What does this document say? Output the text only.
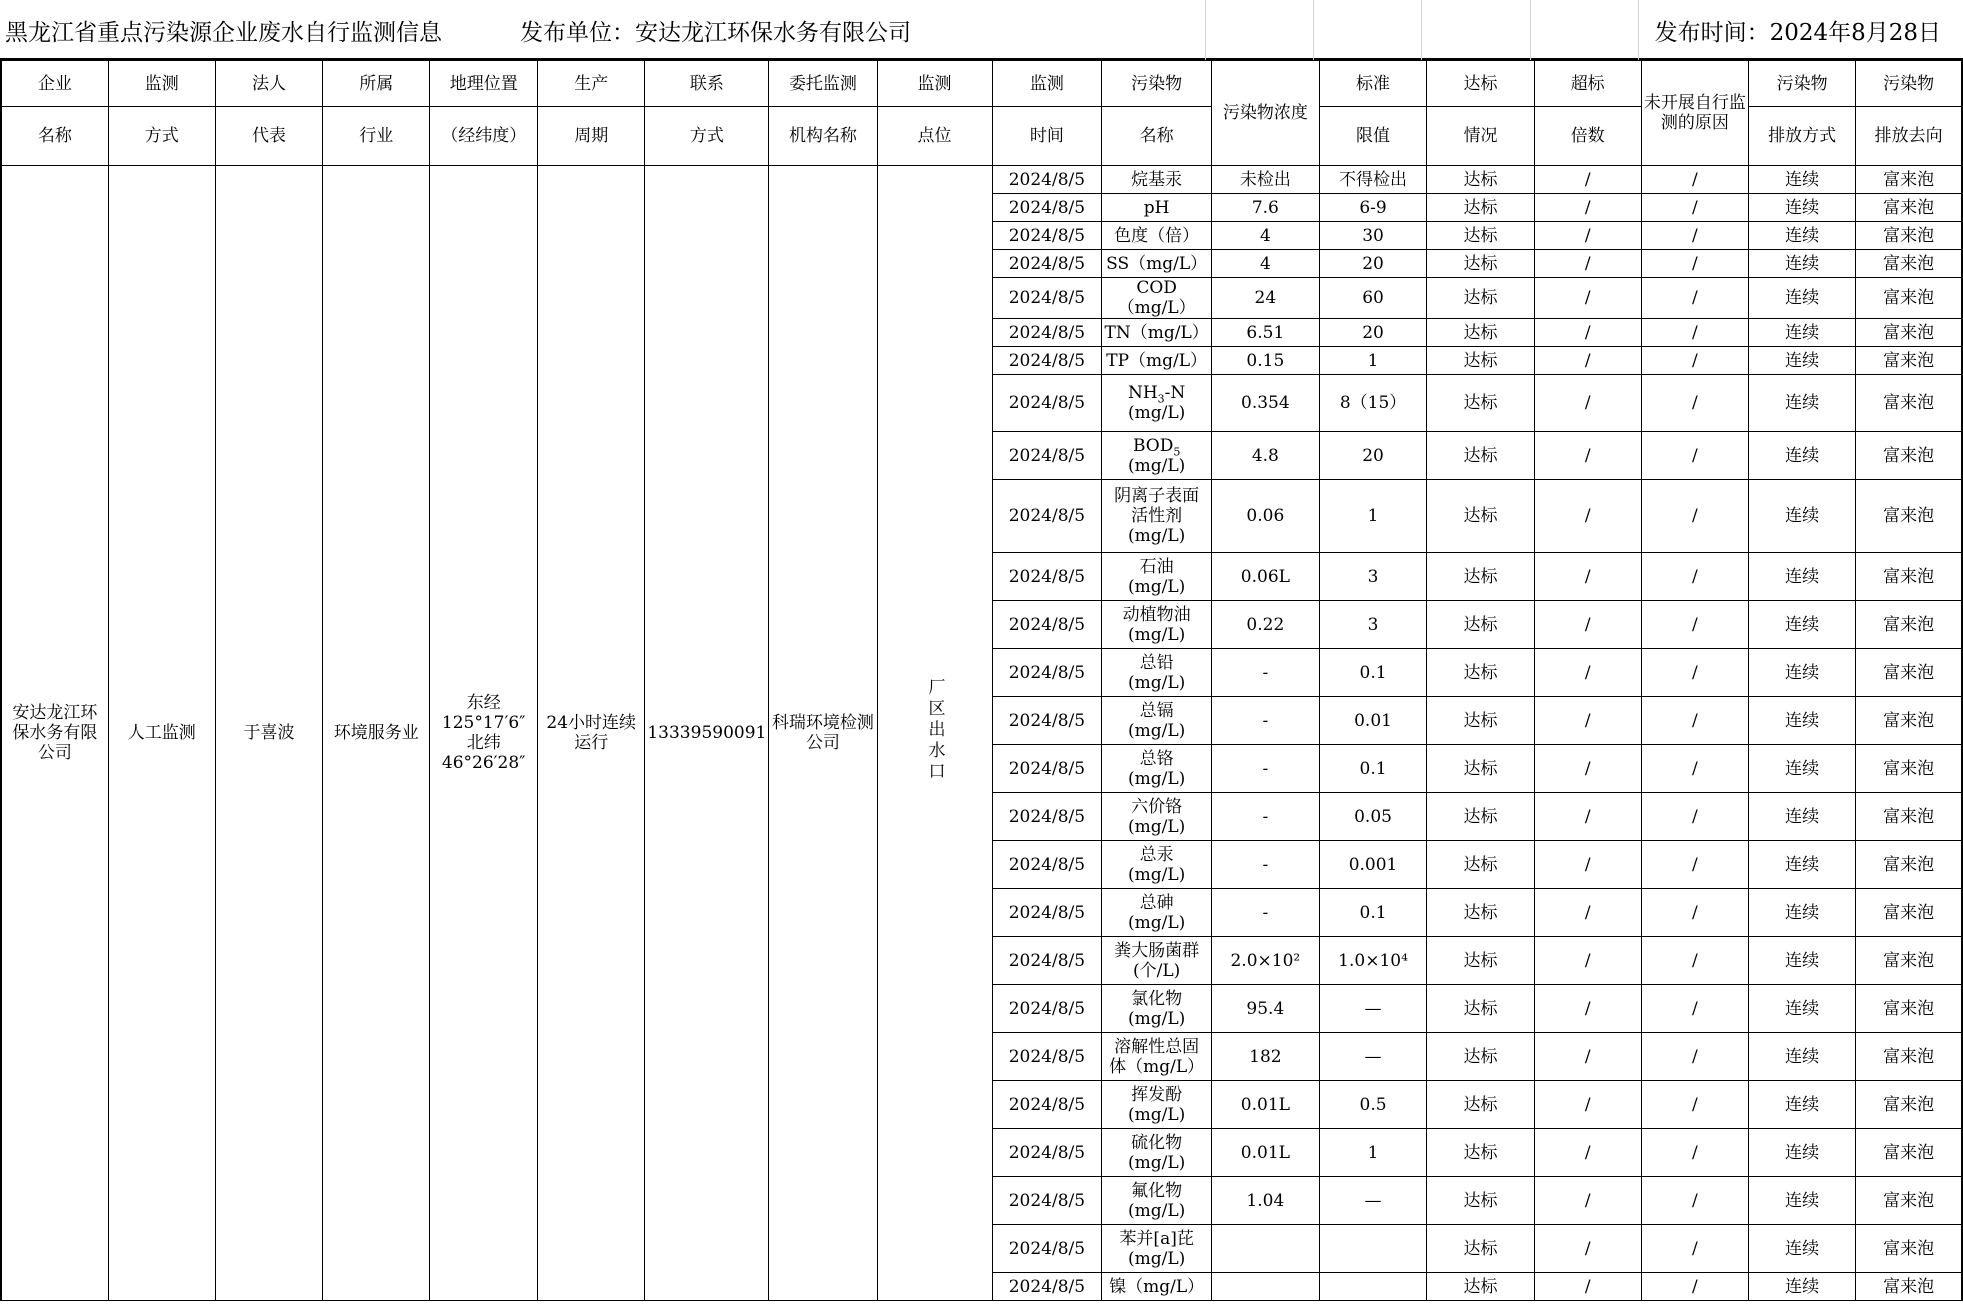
黑龙江省重点污染源企业废水自行监测信息	发布单位：安达龙江环保水务有限公司	发布时间：2024年8月28日
企业	监测	法人	所属	地理位置	生产	联系	委托监测	监测	监测	污染物	污染物浓度	标准	达标	超标	未开展自行监测的原因	污染物	污染物
名称	方式	代表	行业	（经纬度）	周期	方式	机构名称	点位	时间	名称		限值	情况	倍数		排放方式	排放去向
安达龙江环保水务有限公司	人工监测	于喜波	环境服务业	东经
125°17′6″
北纬
46°26′28″	24小时连续运行	13339590091	科瑞环境检测公司	厂区出水口	2024/8/5	烷基汞	未检出	不得检出	达标	/	/	连续	富来泡
									2024/8/5	pH	7.6	6-9	达标	/	/	连续	富来泡
									2024/8/5	色度（倍）	4	30	达标	/	/	连续	富来泡
									2024/8/5	SS（mg/L）	4	20	达标	/	/	连续	富来泡
									2024/8/5	COD（mg/L）	24	60	达标	/	/	连续	富来泡
									2024/8/5	TN（mg/L）	6.51	20	达标	/	/	连续	富来泡
									2024/8/5	TP（mg/L）	0.15	1	达标	/	/	连续	富来泡
									2024/8/5	$NH_3-N$
(mg/L)	0.354	8（15）	达标	/	/	连续	富来泡
									2024/8/5	$BOD_5$
(mg/L)	4.8	20	达标	/	/	连续	富来泡
									2024/8/5	阴离子表面
活性剂
(mg/L)	0.06	1	达标	/	/	连续	富来泡
									2024/8/5	石油
(mg/L)	0.06L	3	达标	/	/	连续	富来泡
									2024/8/5	动植物油
(mg/L)	0.22	3	达标	/	/	连续	富来泡
									2024/8/5	总铅
(mg/L)	-	0.1	达标	/	/	连续	富来泡
									2024/8/5	总镉
(mg/L)	-	0.01	达标	/	/	连续	富来泡
									2024/8/5	总铬
(mg/L)	-	0.1	达标	/	/	连续	富来泡
									2024/8/5	六价铬
(mg/L)	-	0.05	达标	/	/	连续	富来泡
									2024/8/5	总汞
(mg/L)	-	0.001	达标	/	/	连续	富来泡
									2024/8/5	总砷
(mg/L)	-	0.1	达标	/	/	连续	富来泡
									2024/8/5	粪大肠菌群
(个/L)	2.0×10²	1.0×10⁴	达标	/	/	连续	富来泡
									2024/8/5	氯化物
(mg/L)	95.4	—	达标	/	/	连续	富来泡
									2024/8/5	溶解性总固
体（mg/L）	182	—	达标	/	/	连续	富来泡
									2024/8/5	挥发酚
(mg/L)	0.01L	0.5	达标	/	/	连续	富来泡
									2024/8/5	硫化物
(mg/L)	0.01L	1	达标	/	/	连续	富来泡
									2024/8/5	氟化物
(mg/L)	1.04	—	达标	/	/	连续	富来泡
									2024/8/5	苯并[a]芘
(mg/L)			达标	/	/	连续	富来泡
									2024/8/5	镍（mg/L）			达标	/	/	连续	富来泡
